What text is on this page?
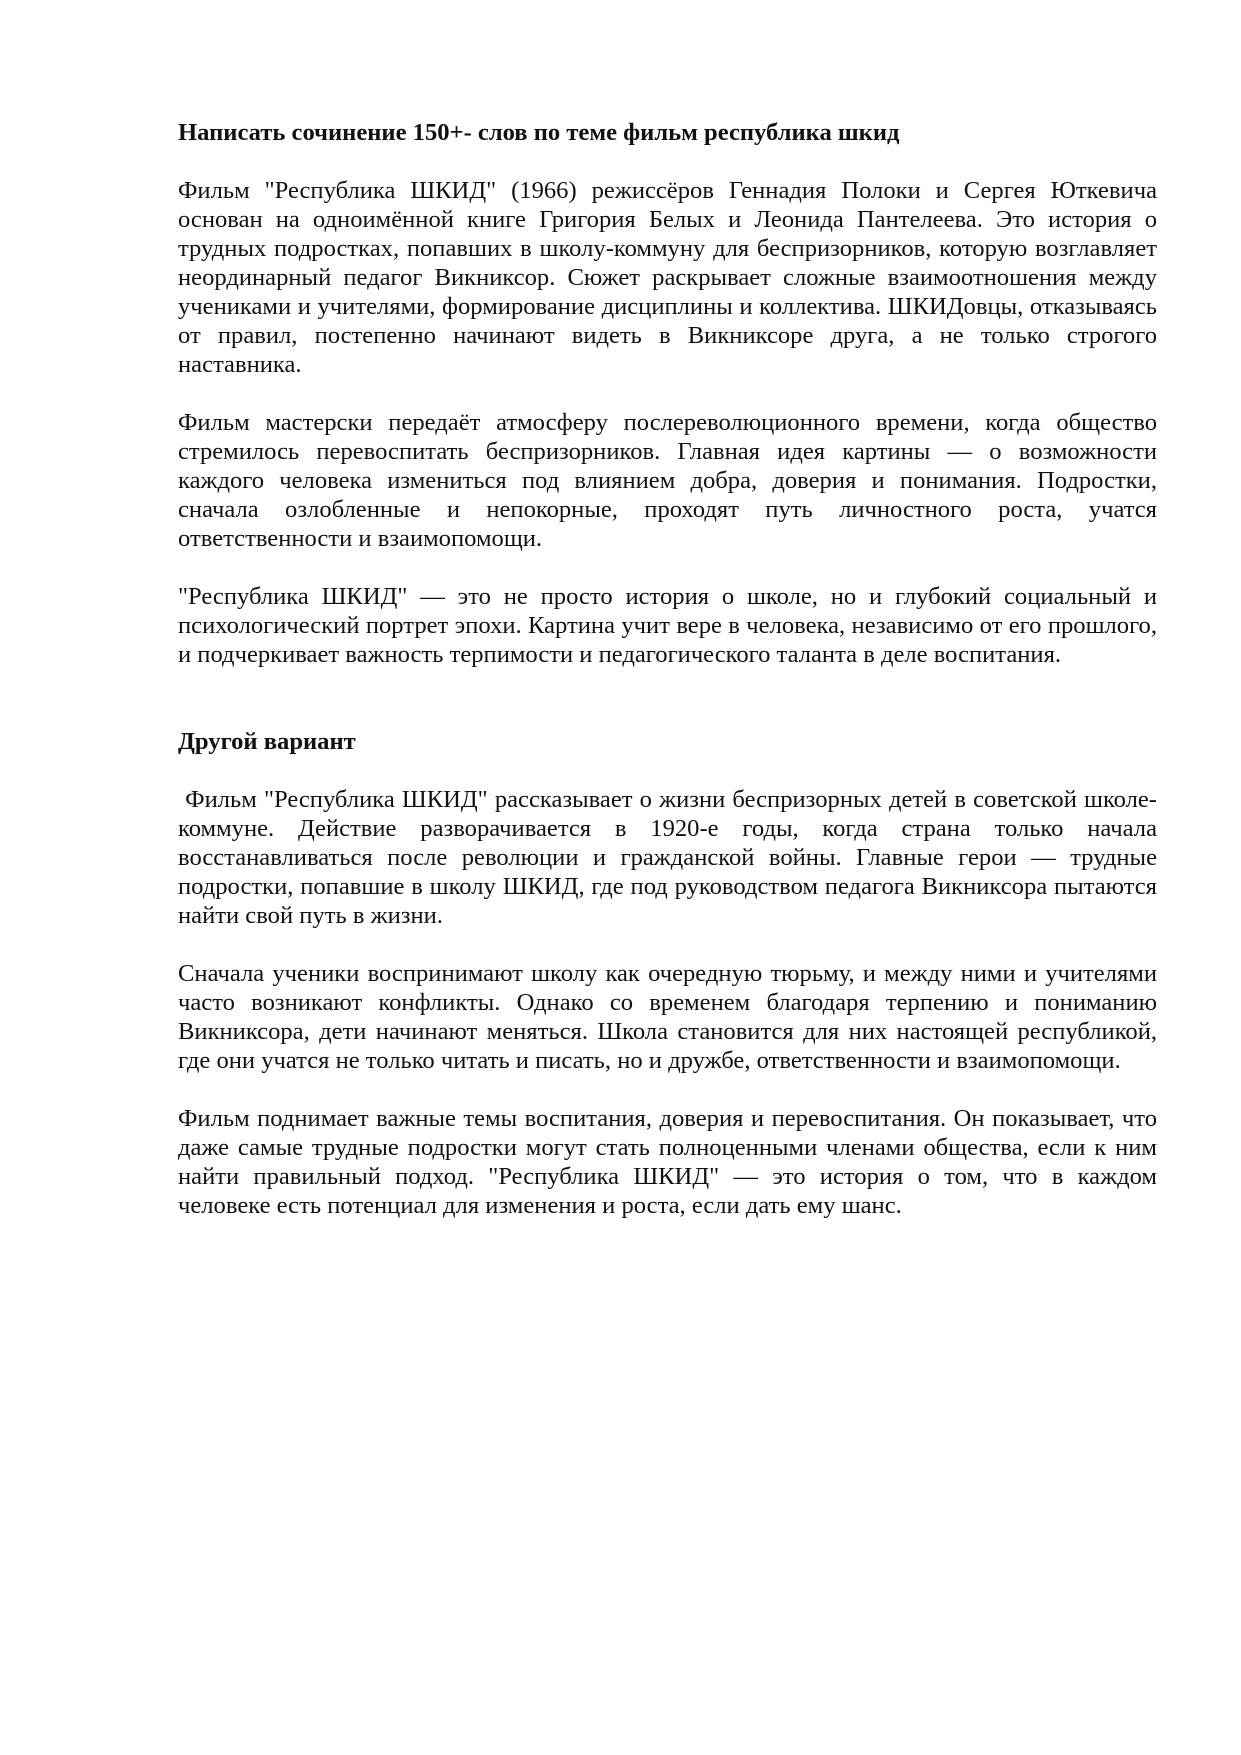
Написать сочинение 150+- слов по теме фильм республика шкид

Фильм "Республика ШКИД" (1966) режиссёров Геннадия Полоки и Сергея Юткевича основан на одноимённой книге Григория Белых и Леонида Пантелеева. Это история о трудных подростках, попавших в школу-коммуну для беспризорников, которую возглавляет неординарный педагог Викниксор. Сюжет раскрывает сложные взаимоотношения между учениками и учителями, формирование дисциплины и коллектива. ШКИДовцы, отказываясь от правил, постепенно начинают видеть в Викниксоре друга, а не только строгого наставника.

Фильм мастерски передаёт атмосферу послереволюционного времени, когда общество стремилось перевоспитать беспризорников. Главная идея картины — о возможности каждого человека измениться под влиянием добра, доверия и понимания. Подростки, сначала озлобленные и непокорные, проходят путь личностного роста, учатся ответственности и взаимопомощи.

"Республика ШКИД" — это не просто история о школе, но и глубокий социальный и психологический портрет эпохи. Картина учит вере в человека, независимо от его прошлого, и подчеркивает важность терпимости и педагогического таланта в деле воспитания.

Другой вариант

Фильм "Республика ШКИД" рассказывает о жизни беспризорных детей в советской школе-коммуне. Действие разворачивается в 1920-е годы, когда страна только начала восстанавливаться после революции и гражданской войны. Главные герои — трудные подростки, попавшие в школу ШКИД, где под руководством педагога Викниксора пытаются найти свой путь в жизни.

Сначала ученики воспринимают школу как очередную тюрьму, и между ними и учителями часто возникают конфликты. Однако со временем благодаря терпению и пониманию Викниксора, дети начинают меняться. Школа становится для них настоящей республикой, где они учатся не только читать и писать, но и дружбе, ответственности и взаимопомощи.

Фильм поднимает важные темы воспитания, доверия и перевоспитания. Он показывает, что даже самые трудные подростки могут стать полноценными членами общества, если к ним найти правильный подход. "Республика ШКИД" — это история о том, что в каждом человеке есть потенциал для изменения и роста, если дать ему шанс.
